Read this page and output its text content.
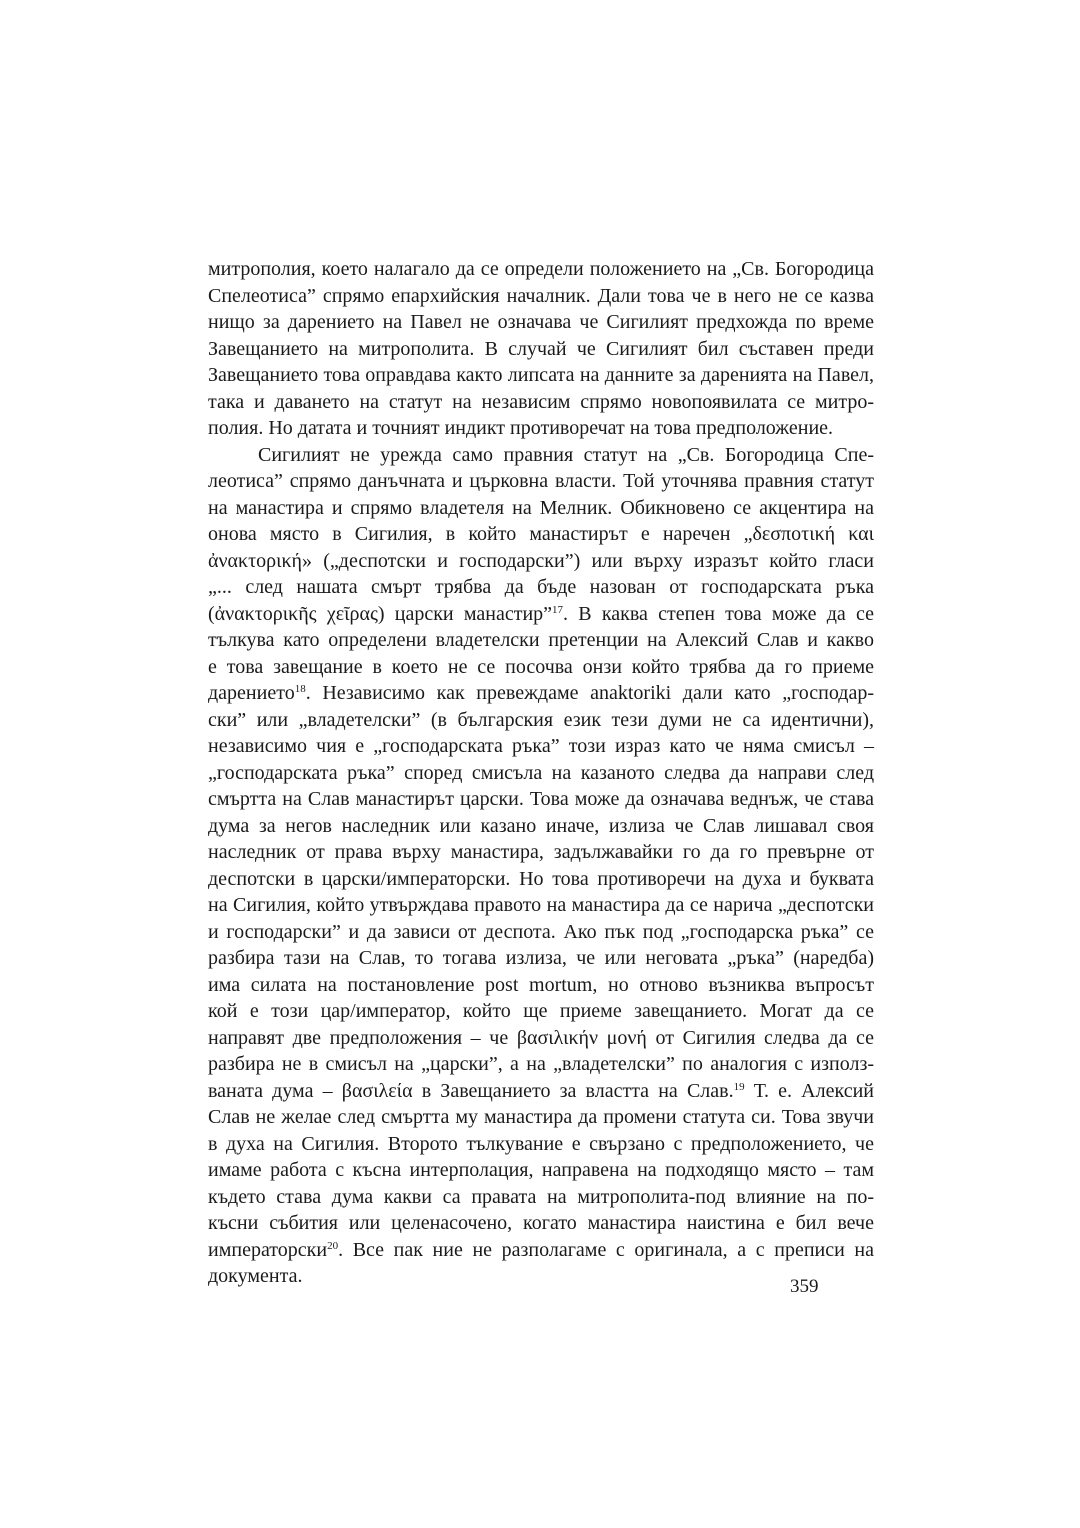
митрополия, което налагало да се определи положението на „Св. Богородица
Спелеотиса” спрямо епархийския началник. Дали това че в него не се казва
нищо за дарението на Павел не означава че Сигилият предхожда по време
Завещанието на митрополита. В случай че Сигилият бил съставен преди
Завещанието това оправдава както липсата на данните за даренията на Павел,
така и даването на статут на независим спрямо новопоявилата се митро-
полия. Но датата и точният индикт противоречат на това предположение.
Сигилият не урежда само правния статут на „Св. Богородица Спе-
леотиса” спрямо данъчната и църковна власти. Той уточнява правния статут
на манастира и спрямо владетеля на Мелник. Обикновено се акцентира на
онова място в Сигилия, в който манастирът е наречен „δεσποτική και
ἀνακτορική» („деспотски и господарски”) или върху изразът който гласи
„... след нашата смърт трябва да бъде назован от господарската ръка
(ἀνακτορικῆς χεῖρας) царски манастир”$^{17}$. В каква степен това може да се
тълкува като определени владетелски претенции на Алексий Слав и какво
е това завещание в което не се посочва онзи който трябва да го приеме
дарението$^{18}$. Независимо как превеждаме anaktoriki дали като „господар-
ски” или „владетелски” (в българския език тези думи не са идентични),
независимо чия е „господарската ръка” този израз като че няма смисъл –
„господарската ръка” според смисъла на казаното следва да направи след
смъртта на Слав манастирът царски. Това може да означава веднъж, че става
дума за негов наследник или казано иначе, излиза че Слав лишавал своя
наследник от права върху манастира, задължавайки го да го превърне от
деспотски в царски/императорски. Но това противоречи на духа и буквата
на Сигилия, който утвърждава правото на манастира да се нарича „деспотски
и господарски” и да зависи от деспота. Ако пък под „господарска ръка” се
разбира тази на Слав, то тогава излиза, че или неговата „ръка” (наредба)
има силата на постановление post mortum, но отново възниква въпросът
кой е този цар/император, който ще приеме завещанието. Могат да се
направят две предположения – че βασιλικήν μονή от Сигилия следва да се
разбира не в смисъл на „царски”, а на „владетелски” по аналогия с използ-
ваната дума – βασιλεία в Завещанието за властта на Слав.$^{19}$ Т. е. Алексий
Слав не желае след смъртта му манастира да промени статута си. Това звучи
в духа на Сигилия. Второто тълкувание е свързано с предположението, че
имаме работа с късна интерполация, направена на подходящо място – там
където става дума какви са правата на митрополита-под влияние на по-
късни събития или целенасочено, когато манастира наистина е бил вече
императорски$^{20}$. Все пак ние не разполагаме с оригинала, а с преписи на
документа.	359
